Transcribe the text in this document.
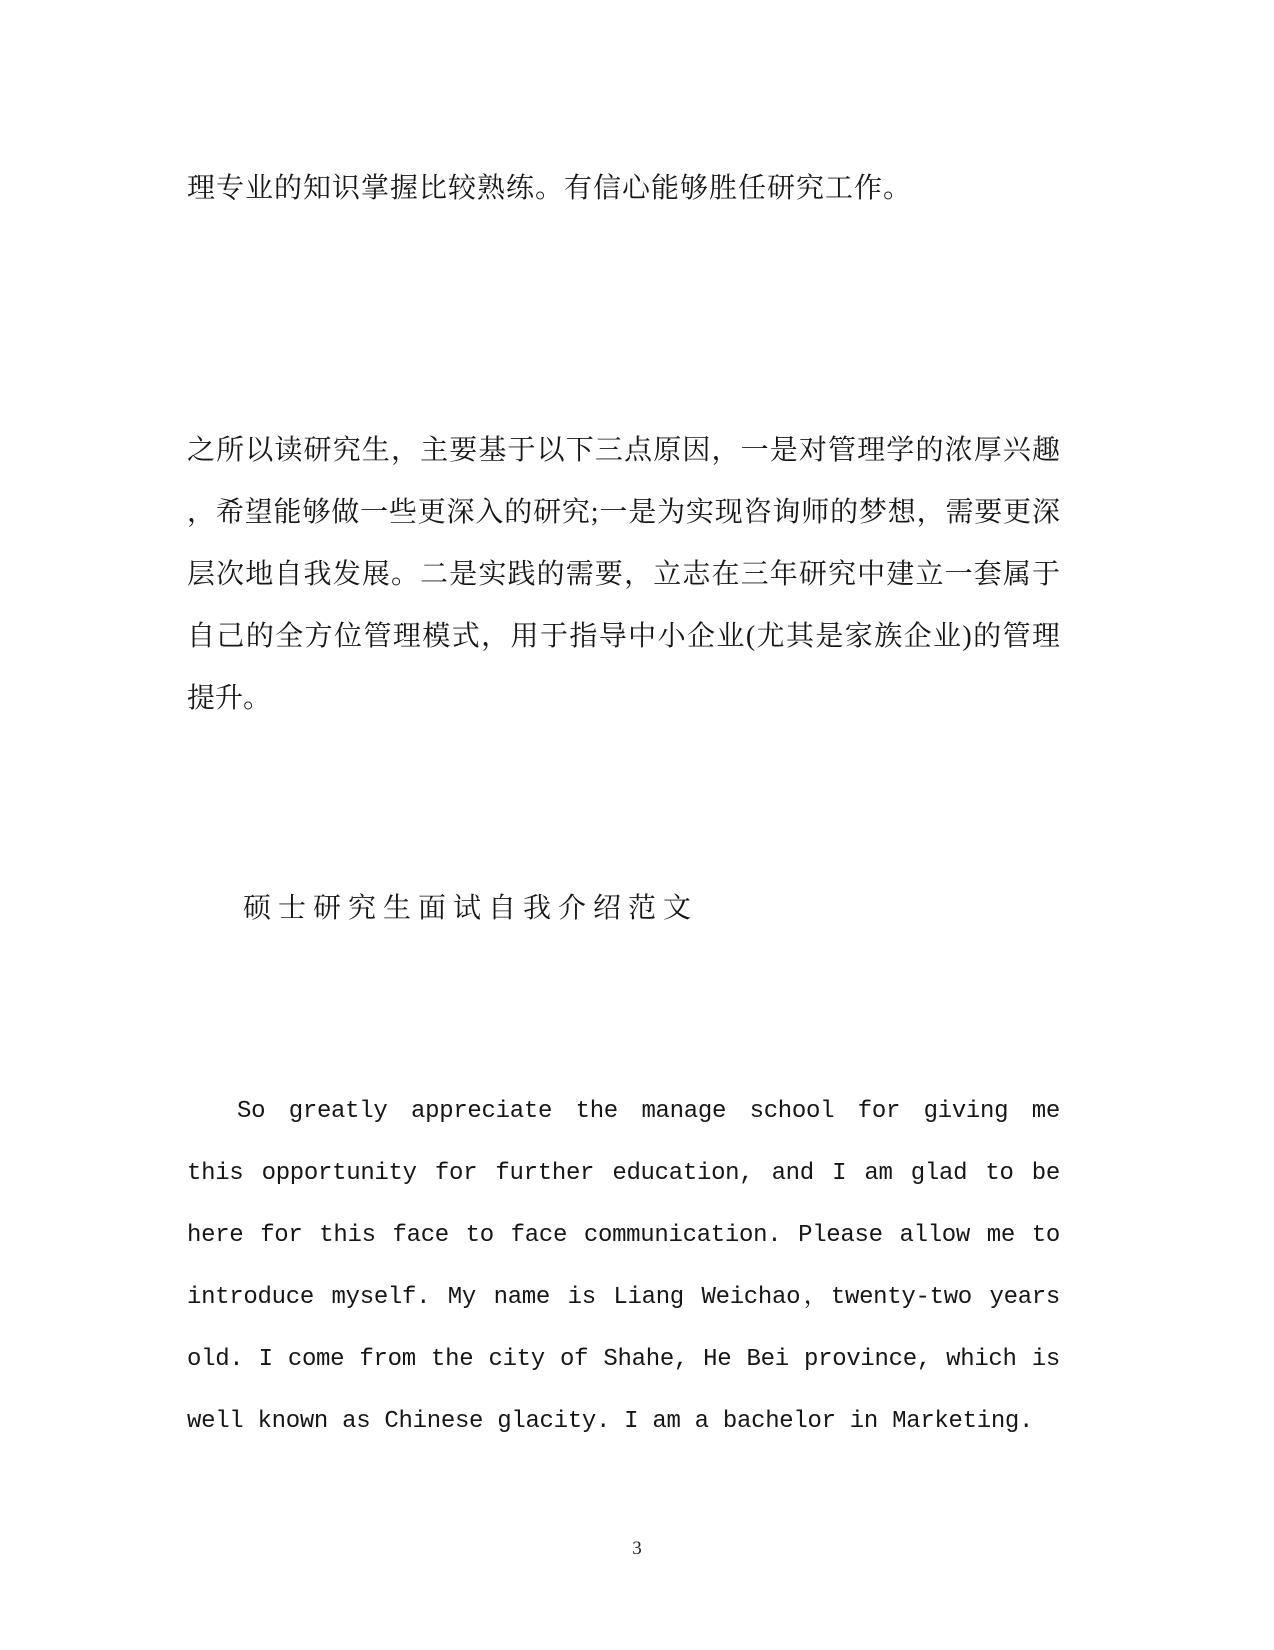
理专业的知识掌握比较熟练。有信心能够胜任研究工作。
之所以读研究生，主要基于以下三点原因，一是对管理学的浓厚兴趣
，希望能够做一些更深入的研究;一是为实现咨询师的梦想，需要更深
层次地自我发展。二是实践的需要，立志在三年研究中建立一套属于
自己的全方位管理模式，用于指导中小企业(尤其是家族企业)的管理
提升。
硕士研究生面试自我介绍范文
So greatly appreciate the manage school for giving me
this opportunity for further education, and I am glad to be
here for this face to face communication. Please allow me to
introduce myself. My name is Liang Weichao，twenty-two years
old. I come from the city of Shahe, He Bei province, which is
well known as Chinese glacity. I am a bachelor in Marketing.
3
